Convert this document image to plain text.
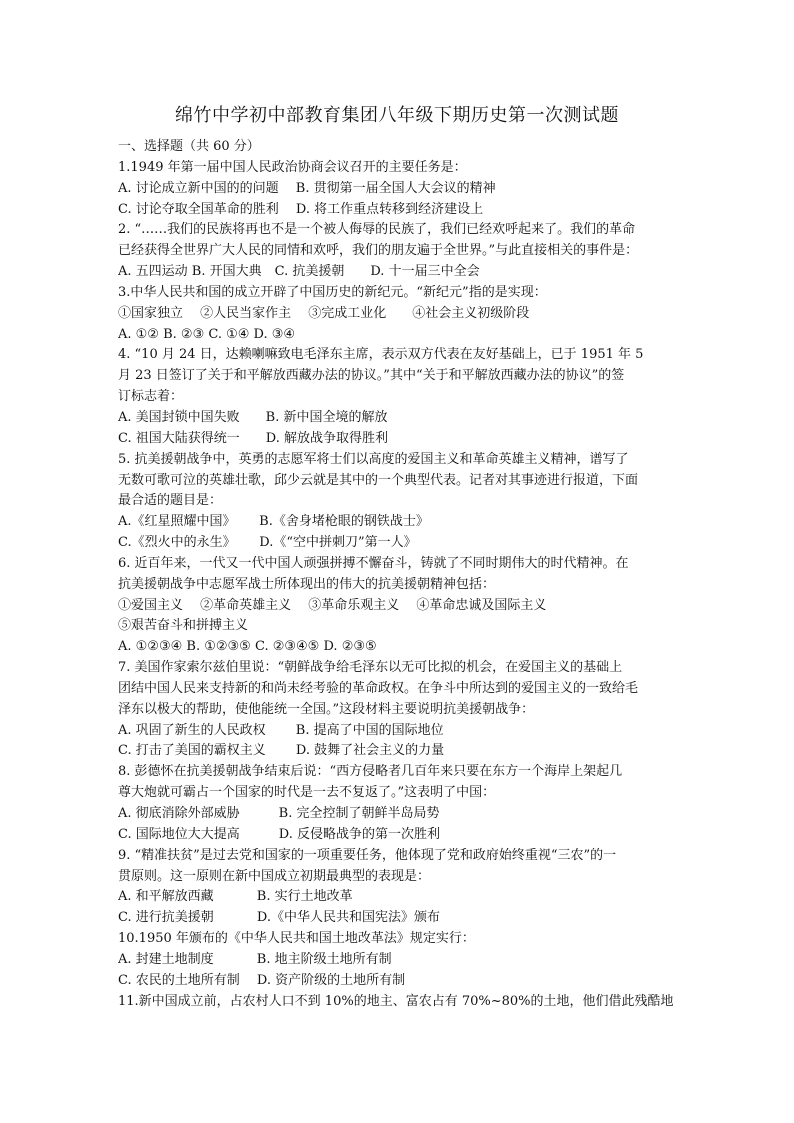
绵竹中学初中部教育集团八年级下期历史第一次测试题
一、选择题（共 60 分）
1.1949 年第一届中国人民政治协商会议召开的主要任务是：
A. 讨论成立新中国的的问题　 B. 贯彻第一届全国人大会议的精神
C. 讨论夺取全国革命的胜利　 D. 将工作重点转移到经济建设上
2. “……我们的民族将再也不是一个被人侮辱的民族了，我们已经欢呼起来了。我们的革命
已经获得全世界广大人民的同情和欢呼，我们的朋友遍于全世界。”与此直接相关的事件是：
A. 五四运动 B. 开国大典　C. 抗美援朝　　D. 十一届三中全会
3.中华人民共和国的成立开辟了中国历史的新纪元。“新纪元”指的是实现：
①国家独立　 ②人民当家作主　 ③完成工业化　　④社会主义初级阶段
A. ①② B. ②③ C. ①④ D. ③④
4. “10 月 24 日，达赖喇嘛致电毛泽东主席，表示双方代表在友好基础上，已于 1951 年 5
月 23 日签订了关于和平解放西藏办法的协议。”其中“关于和平解放西藏办法的协议”的签
订标志着：
A. 美国封锁中国失败　　B. 新中国全境的解放
C. 祖国大陆获得统一　　D. 解放战争取得胜利
5. 抗美援朝战争中，英勇的志愿军将士们以高度的爱国主义和革命英雄主义精神，谱写了
无数可歌可泣的英雄壮歌，邱少云就是其中的一个典型代表。记者对其事迹进行报道，下面
最合适的题目是：
A.《红星照耀中国》　　 B.《舍身堵枪眼的钢铁战士》
C.《烈火中的永生》　　 D.《“空中拼刺刀”第一人》
6. 近百年来，一代又一代中国人顽强拼搏不懈奋斗，铸就了不同时期伟大的时代精神。在
抗美援朝战争中志愿军战士所体现出的伟大的抗美援朝精神包括：
①爱国主义　 ②革命英雄主义　 ③革命乐观主义　 ④革命忠诚及国际主义
⑤艰苦奋斗和拼搏主义
A. ①②③④ B. ①②③⑤ C. ②③④⑤ D. ②③⑤
7. 美国作家索尔兹伯里说：“朝鲜战争给毛泽东以无可比拟的机会，在爱国主义的基础上
团结中国人民来支持新的和尚未经考验的革命政权。在争斗中所达到的爱国主义的一致给毛
泽东以极大的帮助，使他能统一全国。”这段材料主要说明抗美援朝战争：
A. 巩固了新生的人民政权　　 B. 提高了中国的国际地位
C. 打击了美国的霸权主义　　 D. 鼓舞了社会主义的力量
8. 彭德怀在抗美援朝战争结束后说：“西方侵略者几百年来只要在东方一个海岸上架起几
尊大炮就可霸占一个国家的时代是一去不复返了。”这表明了中国：
A. 彻底消除外部威胁　　　B. 完全控制了朝鲜半岛局势
C. 国际地位大大提高　　　D. 反侵略战争的第一次胜利
9. “精准扶贫”是过去党和国家的一项重要任务，他体现了党和政府始终重视“三农”的一
贯原则。这一原则在新中国成立初期最典型的表现是：
A. 和平解放西藏　　　 B. 实行土地改革
C. 进行抗美援朝　　　 D.《中华人民共和国宪法》颁布
10.1950 年颁布的《中华人民共和国土地改革法》规定实行：
A. 封建土地制度　　　 B. 地主阶级土地所有制
C. 农民的土地所有制　 D. 资产阶级的土地所有制
11.新中国成立前，占农村人口不到 10%的地主、富农占有 70%~80%的土地，他们借此残酷地
